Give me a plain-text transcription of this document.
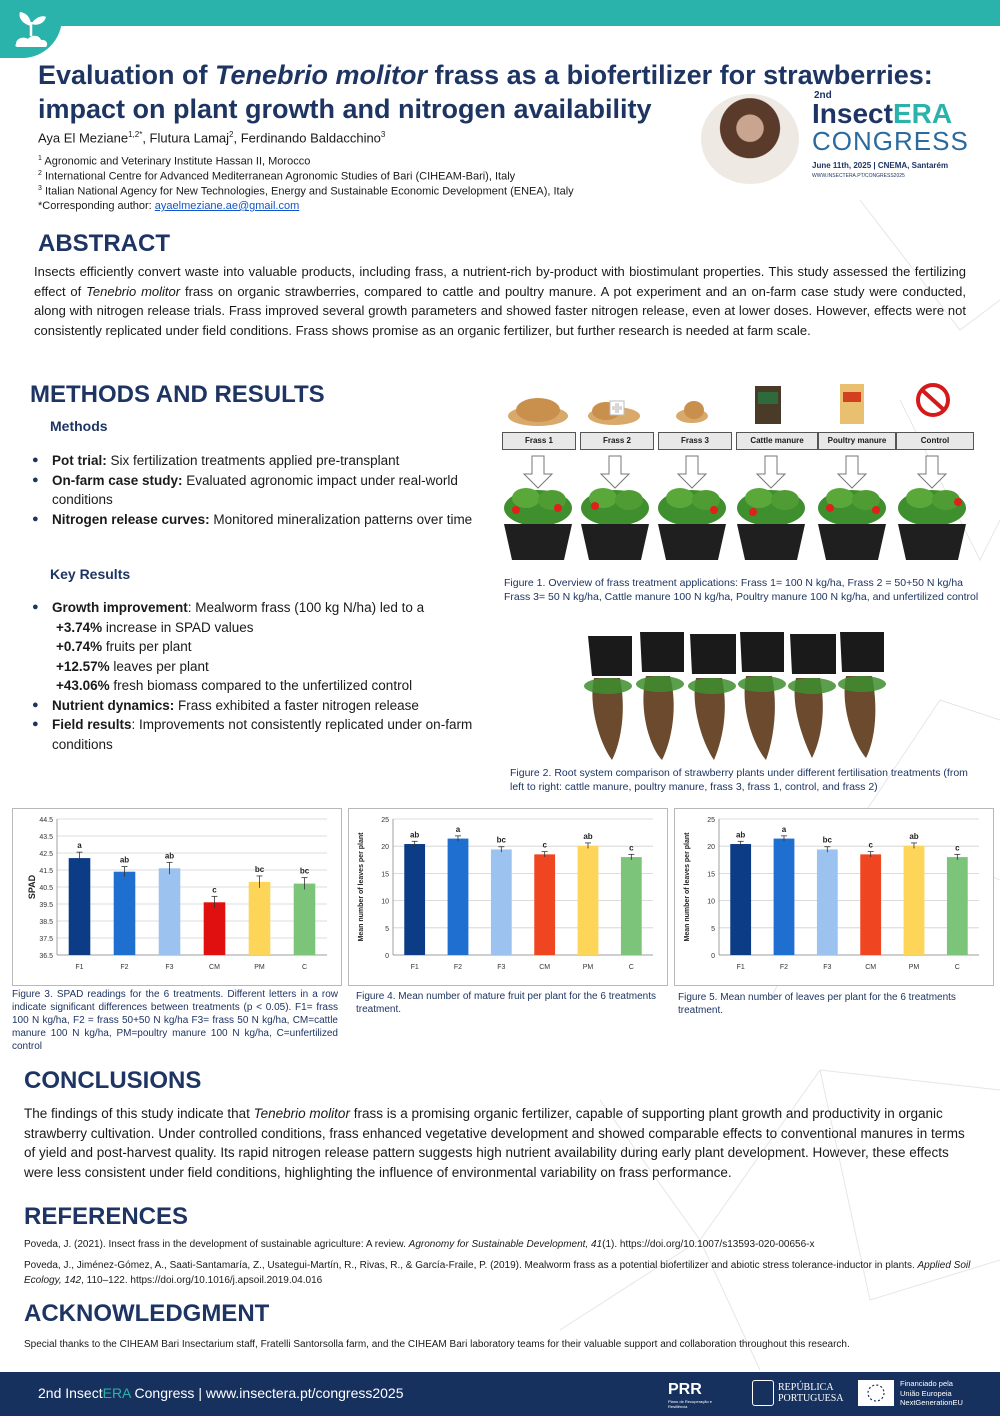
Evaluation of Tenebrio molitor frass as a biofertilizer for strawberries:
impact on plant growth and nitrogen availability
Aya El Meziane$^{1,2*}$, Flutura Lamaj$^2$, Ferdinando Baldacchino$^3$
$^1$ Agronomic and Veterinary Institute Hassan II, Morocco
$^2$ International Centre for Advanced Mediterranean Agronomic Studies of Bari (CIHEAM-Bari), Italy
$^3$ Italian National Agency for New Technologies, Energy and Sustainable Economic Development (ENEA), Italy
*Corresponding author: ayaelmeziane.ae@gmail.com
2nd
InsectERA
CONGRESS
June 11th, 2025 | CNEMA, Santarém
WWW.INSECTERA.PT/CONGRESS2025
ABSTRACT
Insects efficiently convert waste into valuable products, including frass, a nutrient-rich by-product with biostimulant properties. This study assessed the fertilizing effect of Tenebrio molitor frass on organic strawberries, compared to cattle and poultry manure. A pot experiment and an on-farm case study were conducted, along with nitrogen release trials. Frass improved several growth parameters and showed faster nitrogen release, even at lower doses. However, effects were not consistently replicated under field conditions. Frass shows promise as an organic fertilizer, but further research is needed at farm scale.
METHODS AND RESULTS
Methods
● Pot trial: Six fertilization treatments applied pre-transplant
● On-farm case study: Evaluated agronomic impact under real-world conditions
● Nitrogen release curves: Monitored mineralization patterns over time
Key Results
● Growth improvement: Mealworm frass (100 kg N/ha) led to a
+3.74% increase in SPAD values
+0.74% fruits per plant
+12.57% leaves per plant
+43.06% fresh biomass compared to the unfertilized control
● Nutrient dynamics: Frass exhibited a faster nitrogen release
● Field results: Improvements not consistently replicated under on-farm conditions
Frass 1	Frass 2	Frass 3	Cattle manure	Poultry manure	Control
Figure 1. Overview of frass treatment applications: Frass 1= 100 N kg/ha, Frass 2 = 50+50 N kg/ha Frass 3= 50 N kg/ha, Cattle manure 100 N kg/ha, Poultry manure 100 N kg/ha, and unfertilized control
Figure 2. Root system comparison of strawberry plants under different fertilisation treatments (from left to right: cattle manure, poultry manure, frass 3, frass 1, control, and frass 2)
36.5
37.5
38.5
39.5
40.5
41.5
42.5
43.5
44.5
SPAD
a
F1
ab
F2
ab
F3
c
CM
bc
PM
bc
C
0
5
10
15
20
25
Mean number of leaves per plant	ab
F1
a
F2
bc
F3
c
CM
ab
PM
c
C
0
5
10
15
20
25
Mean number of leaves per plant	ab
F1
a
F2
bc
F3
c
CM
ab
PM
c
C
Figure 3. SPAD readings for the 6 treatments. Different letters in a row indicate significant differences between treatments (p < 0.05). F1= frass 100 N kg/ha, F2 = frass 50+50 N kg/ha F3= frass 50 N kg/ha, CM=cattle manure 100 N kg/ha, PM=poultry manure 100 N kg/ha, C=unfertilized control
Figure 4. Mean number of mature fruit per plant for the 6 treatments treatment.
Figure 5. Mean number of leaves per plant for the 6 treatments treatment.
CONCLUSIONS
The findings of this study indicate that Tenebrio molitor frass is a promising organic fertilizer, capable of supporting plant growth and productivity in organic strawberry cultivation. Under controlled conditions, frass enhanced vegetative development and showed comparable effects to conventional manures in terms of yield and post-harvest quality. Its rapid nitrogen release pattern suggests high nutrient availability during early plant development. However, these effects were less consistent under field conditions, highlighting the influence of environmental variability on frass performance.
REFERENCES
Poveda, J. (2021). Insect frass in the development of sustainable agriculture: A review. Agronomy for Sustainable Development, 41(1). https://doi.org/10.1007/s13593-020-00656-x
Poveda, J., Jiménez-Gómez, A., Saati-Santamaría, Z., Usategui-Martín, R., Rivas, R., & García-Fraile, P. (2019). Mealworm frass as a potential biofertilizer and abiotic stress tolerance-inductor in plants. Applied Soil Ecology, 142, 110–122. https://doi.org/10.1016/j.apsoil.2019.04.016
ACKNOWLEDGMENT
Special thanks to the CIHEAM Bari Insectarium staff, Fratelli Santorsolla farm, and the CIHEAM Bari laboratory teams for their valuable support and collaboration throughout this research.
2nd InsectERA Congress | www.insectera.pt/congress2025	PRR
Plano de Recuperação e Resiliência
REPÚBLICA
PORTUGUESA
Financiado pela
União Europeia
NextGenerationEU
